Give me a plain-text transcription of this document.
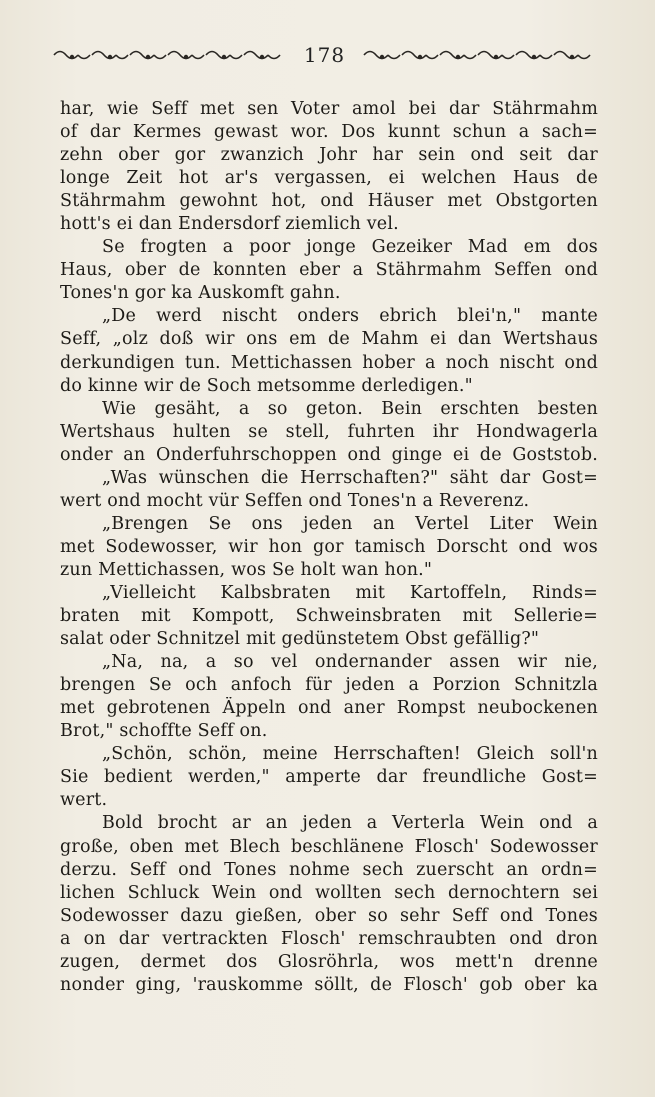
178
har, wie Seff met sen Voter amol bei dar Stährmahm
of dar Kermes gewast wor. Dos kunnt schun a sach=
zehn ober gor zwanzich Johr har sein ond seit dar
longe Zeit hot ar's vergassen, ei welchen Haus de
Stährmahm gewohnt hot, ond Häuser met Obstgorten
hott's ei dan Endersdorf ziemlich vel.
Se frogten a poor jonge Gezeiker Mad em dos
Haus, ober de konnten eber a Stährmahm Seffen ond
Tones'n gor ka Auskomft gahn.
„De werd nischt onders ebrich blei'n," mante
Seff, „olz doß wir ons em de Mahm ei dan Wertshaus
derkundigen tun. Mettichassen hober a noch nischt ond
do kinne wir de Soch metsomme derledigen."
Wie gesäht, a so geton. Bein erschten besten
Wertshaus hulten se stell, fuhrten ihr Hondwagerla
onder an Onderfuhrschoppen ond ginge ei de Goststob.
„Was wünschen die Herrschaften?" säht dar Gost=
wert ond mocht vür Seffen ond Tones'n a Reverenz.
„Brengen Se ons jeden an Vertel Liter Wein
met Sodewosser, wir hon gor tamisch Dorscht ond wos
zun Mettichassen, wos Se holt wan hon."
„Vielleicht Kalbsbraten mit Kartoffeln, Rinds=
braten mit Kompott, Schweinsbraten mit Sellerie=
salat oder Schnitzel mit gedünstetem Obst gefällig?"
„Na, na, a so vel ondernander assen wir nie,
brengen Se och anfoch für jeden a Porzion Schnitzla
met gebrotenen Äppeln ond aner Rompst neubockenen
Brot," schoffte Seff on.
„Schön, schön, meine Herrschaften! Gleich soll'n
Sie bedient werden," amperte dar freundliche Gost=
wert.
Bold brocht ar an jeden a Verterla Wein ond a
große, oben met Blech beschlänene Flosch' Sodewosser
derzu. Seff ond Tones nohme sech zuerscht an ordn=
lichen Schluck Wein ond wollten sech dernochtern sei
Sodewosser dazu gießen, ober so sehr Seff ond Tones
a on dar vertrackten Flosch' remschraubten ond dron
zugen, dermet dos Glosröhrla, wos mett'n drenne
nonder ging, 'rauskomme söllt, de Flosch' gob ober ka
